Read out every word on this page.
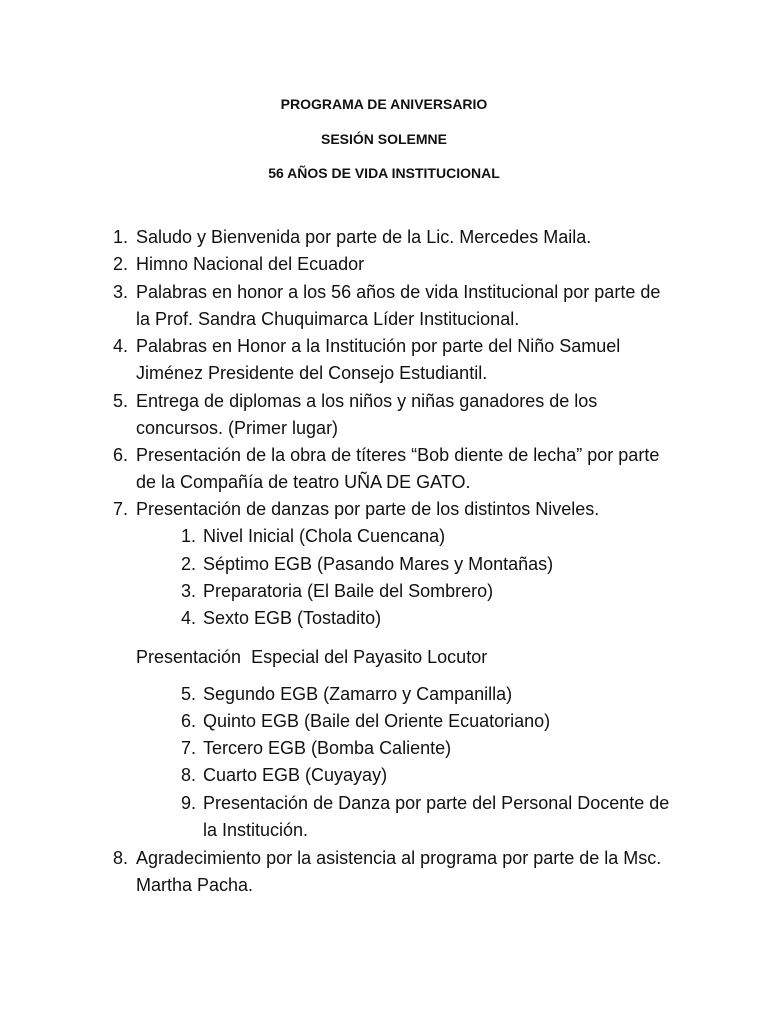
PROGRAMA DE ANIVERSARIO
SESIÓN SOLEMNE
56 AÑOS DE VIDA INSTITUCIONAL
1. Saludo y Bienvenida por parte de la Lic. Mercedes Maila.
2. Himno Nacional del Ecuador
3. Palabras en honor a los 56 años de vida Institucional por parte de
la Prof. Sandra Chuquimarca Líder Institucional.
4. Palabras en Honor a la Institución por parte del Niño Samuel
Jiménez Presidente del Consejo Estudiantil.
5. Entrega de diplomas a los niños y niñas ganadores de los
concursos. (Primer lugar)
6. Presentación de la obra de títeres “Bob diente de lecha” por parte
de la Compañía de teatro UÑA DE GATO.
7. Presentación de danzas por parte de los distintos Niveles.
1. Nivel Inicial (Chola Cuencana)
2. Séptimo EGB (Pasando Mares y Montañas)
3. Preparatoria (El Baile del Sombrero)
4. Sexto EGB (Tostadito)
Presentación  Especial del Payasito Locutor
5. Segundo EGB (Zamarro y Campanilla)
6. Quinto EGB (Baile del Oriente Ecuatoriano)
7. Tercero EGB (Bomba Caliente)
8. Cuarto EGB (Cuyayay)
9. Presentación de Danza por parte del Personal Docente de
la Institución.
8. Agradecimiento por la asistencia al programa por parte de la Msc.
Martha Pacha.
